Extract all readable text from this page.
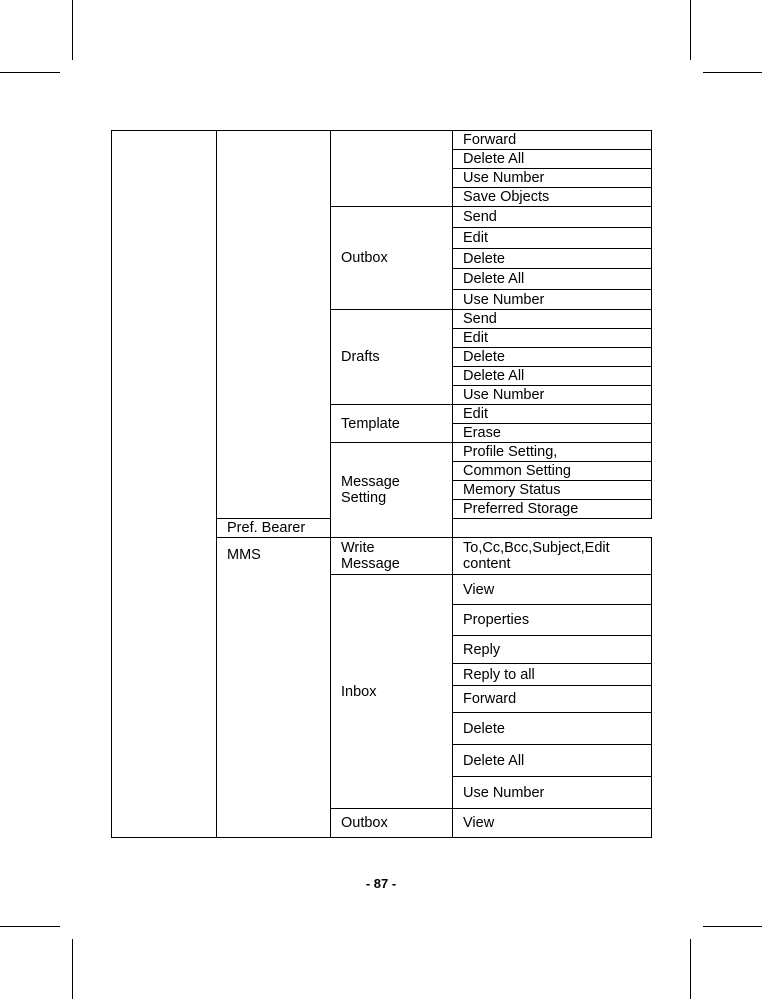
			Forward
			Delete All
			Use Number
			Save Objects
		Outbox	Send
			Edit
			Delete
			Delete All
			Use Number
		Drafts	Send
			Edit
			Delete
			Delete All
			Use Number
		Template	Edit
			Erase

		Message Setting	Profile Setting,
			Common Setting
			Memory Status
			Preferred Storage
	Pref. Bearer		
	MMS	Write Message	To,Cc,Bcc,Subject,Edit content

		Inbox	View
			Properties
			Reply
			Reply to all
			Forward
			Delete
			Delete All
			Use Number
		Outbox	View
- 87 -
